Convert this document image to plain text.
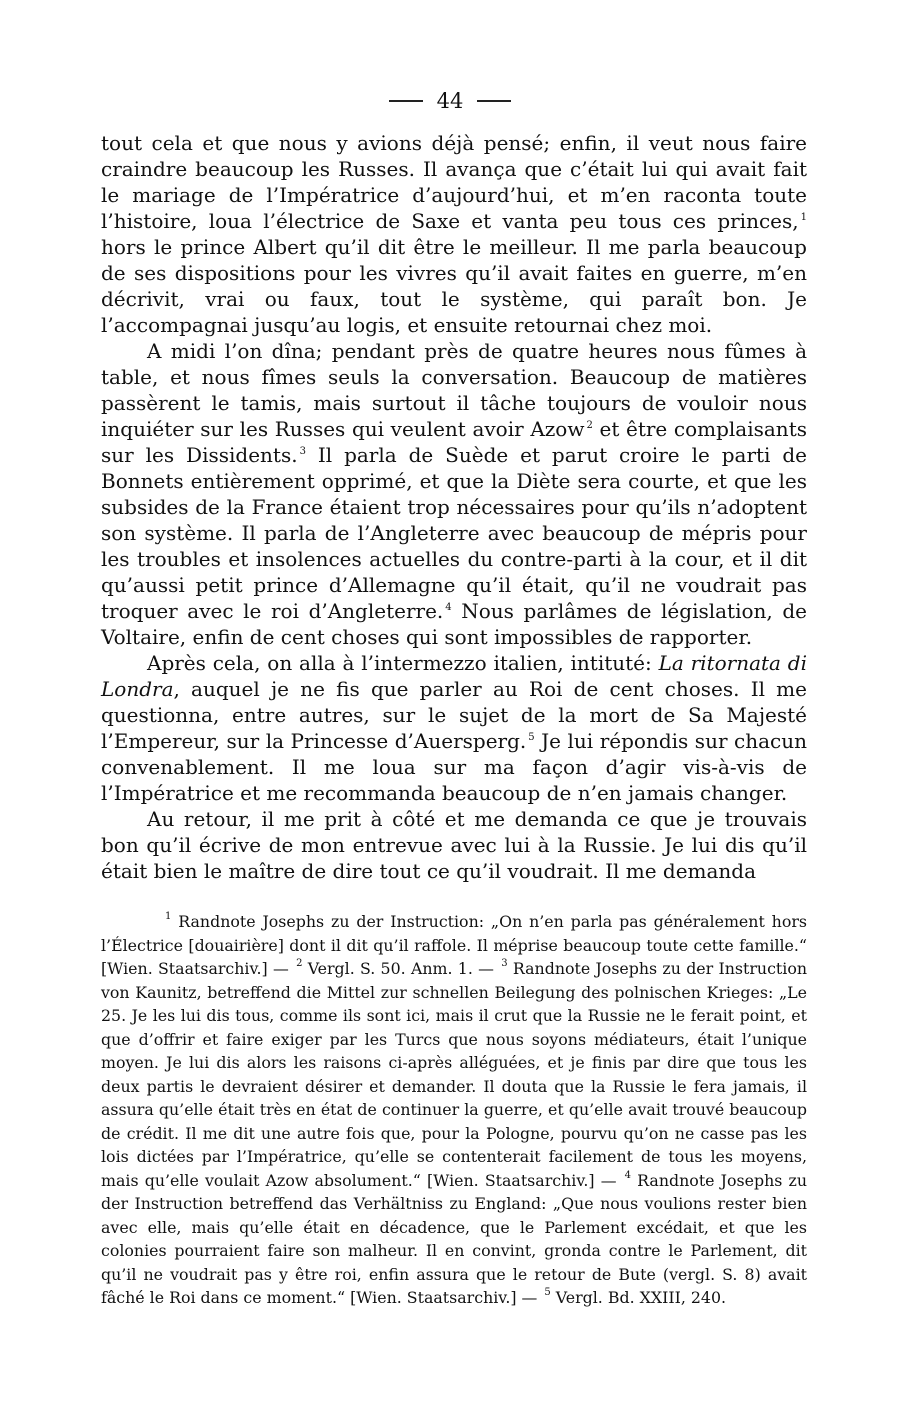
44

tout cela et que nous y avions déjà pensé; enfin, il veut nous faire craindre beaucoup les Russes. Il avança que c’était lui qui avait fait le mariage de l’Impératrice d’aujourd’hui, et m’en raconta toute l’histoire, loua l’électrice de Saxe et vanta peu tous ces princes, $^1$ hors le prince Albert qu’il dit être le meilleur. Il me parla beaucoup de ses dispositions pour les vivres qu’il avait faites en guerre, m’en décrivit, vrai ou faux, tout le système, qui paraît bon. Je l’accompagnai jusqu’au logis, et ensuite retournai chez moi.

A midi l’on dîna; pendant près de quatre heures nous fûmes à table, et nous fîmes seuls la conversation. Beaucoup de matières passèrent le tamis, mais surtout il tâche toujours de vouloir nous inquiéter sur les Russes qui veulent avoir Azow $^2$ et être complaisants sur les Dissidents. $^3$ Il parla de Suède et parut croire le parti de Bonnets entièrement opprimé, et que la Diète sera courte, et que les subsides de la France étaient trop nécessaires pour qu’ils n’adoptent son système. Il parla de l’Angleterre avec beaucoup de mépris pour les troubles et insolences actuelles du contre-parti à la cour, et il dit qu’aussi petit prince d’Allemagne qu’il était, qu’il ne voudrait pas troquer avec le roi d’Angleterre. $^4$ Nous parlâmes de législation, de Voltaire, enfin de cent choses qui sont impossibles de rapporter.

Après cela, on alla à l’intermezzo italien, intituté: La ritornata di Londra, auquel je ne fis que parler au Roi de cent choses. Il me questionna, entre autres, sur le sujet de la mort de Sa Majesté l’Empereur, sur la Princesse d’Auersperg. $^5$ Je lui répondis sur chacun convenablement. Il me loua sur ma façon d’agir vis-à-vis de l’Impératrice et me recommanda beaucoup de n’en jamais changer.

Au retour, il me prit à côté et me demanda ce que je trouvais bon qu’il écrive de mon entrevue avec lui à la Russie. Je lui dis qu’il était bien le maître de dire tout ce qu’il voudrait. Il me demanda

$^1$ Randnote Josephs zu der Instruction: „On n’en parla pas généralement hors l’Électrice [douairière] dont il dit qu’il raffole. Il méprise beaucoup toute cette famille.“ [Wien. Staatsarchiv.] — $^2$ Vergl. S. 50. Anm. 1. — $^3$ Randnote Josephs zu der Instruction von Kaunitz, betreffend die Mittel zur schnellen Beilegung des polnischen Krieges: „Le 25. Je les lui dis tous, comme ils sont ici, mais il crut que la Russie ne le ferait point, et que d’offrir et faire exiger par les Turcs que nous soyons médiateurs, était l’unique moyen. Je lui dis alors les raisons ci-après alléguées, et je finis par dire que tous les deux partis le devraient désirer et demander. Il douta que la Russie le fera jamais, il assura qu’elle était très en état de continuer la guerre, et qu’elle avait trouvé beaucoup de crédit. Il me dit une autre fois que, pour la Pologne, pourvu qu’on ne casse pas les lois dictées par l’Impératrice, qu’elle se contenterait facilement de tous les moyens, mais qu’elle voulait Azow absolument.“ [Wien. Staatsarchiv.] — $^4$ Randnote Josephs zu der Instruction betreffend das Verhältniss zu England: „Que nous voulions rester bien avec elle, mais qu’elle était en décadence, que le Parlement excédait, et que les colonies pourraient faire son malheur. Il en convint, gronda contre le Parlement, dit qu’il ne voudrait pas y être roi, enfin assura que le retour de Bute (vergl. S. 8) avait fâché le Roi dans ce moment.“ [Wien. Staatsarchiv.] — $^5$ Vergl. Bd. XXIII, 240.
